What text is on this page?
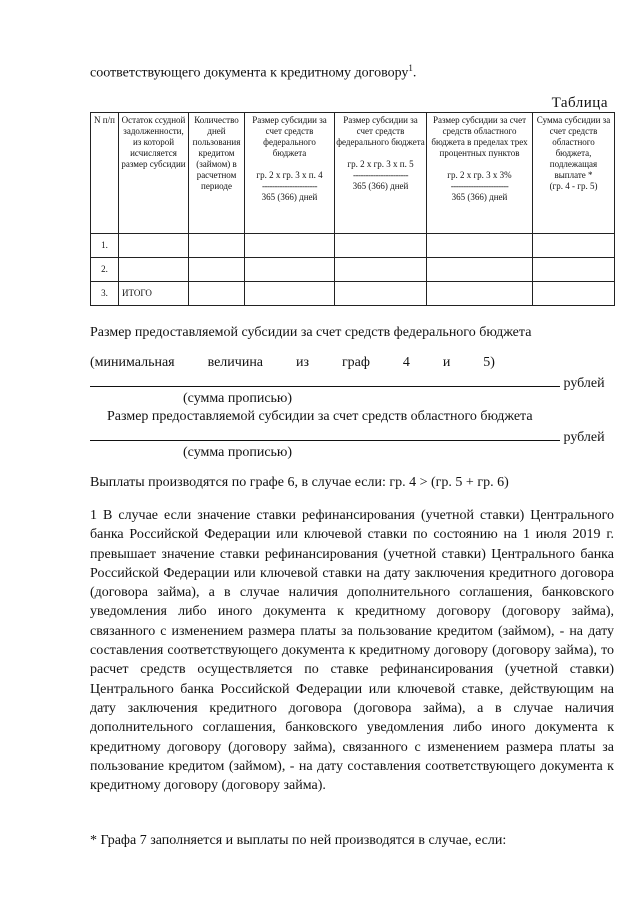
соответствующего документа к кредитному договору$^1$.
Таблица
N п/п	Остаток ссудной задолженности, из которой исчисляется размер субсидии	Количество дней пользования кредитом (займом) в расчетном периоде	Размер субсидии за счет средств федерального бюджета

гр. 2 х гр. 3 х п. 4
----------------------
365 (366) дней	Размер субсидии за счет средств федерального бюджета

гр. 2 х гр. 3 х п. 5
----------------------
365 (366) дней	Размер субсидии за счет средств областного бюджета в пределах трех процентных пунктов

гр. 2 х гр. 3 х 3%
-----------------------
365 (366) дней	Сумма субсидии за счет средств областного бюджета, подлежащая выплате *
(гр. 4 - гр. 5)
1.						
2.						
3.	ИТОГО					
Размер предоставляемой субсидии за счет средств федерального бюджета
(минимальная величина из граф 4 и 5)
рублей
(сумма прописью)
Размер предоставляемой субсидии за счет средств областного бюджета
рублей
(сумма прописью)
Выплаты производятся по графе 6, в случае если: гр. 4 > (гр. 5 + гр. 6)
1 В случае если значение ставки рефинансирования (учетной ставки) Центрального банка Российской Федерации или ключевой ставки по состоянию на 1 июля 2019 г. превышает значение ставки рефинансирования (учетной ставки) Центрального банка Российской Федерации или ключевой ставки на дату заключения кредитного договора (договора займа), а в случае наличия дополнительного соглашения, банковского уведомления либо иного документа к кредитному договору (договору займа), связанного с изменением размера платы за пользование кредитом (займом), - на дату составления соответствующего документа к кредитному договору (договору займа), то расчет средств осуществляется по ставке рефинансирования (учетной ставки) Центрального банка Российской Федерации или ключевой ставке, действующим на дату заключения кредитного договора (договора займа), а в случае наличия дополнительного соглашения, банковского уведомления либо иного документа к кредитному договору (договору займа), связанного с изменением размера платы за пользование кредитом (займом), - на дату составления соответствующего документа к кредитному договору (договору займа).
* Графа 7 заполняется и выплаты по ней производятся в случае, если:
